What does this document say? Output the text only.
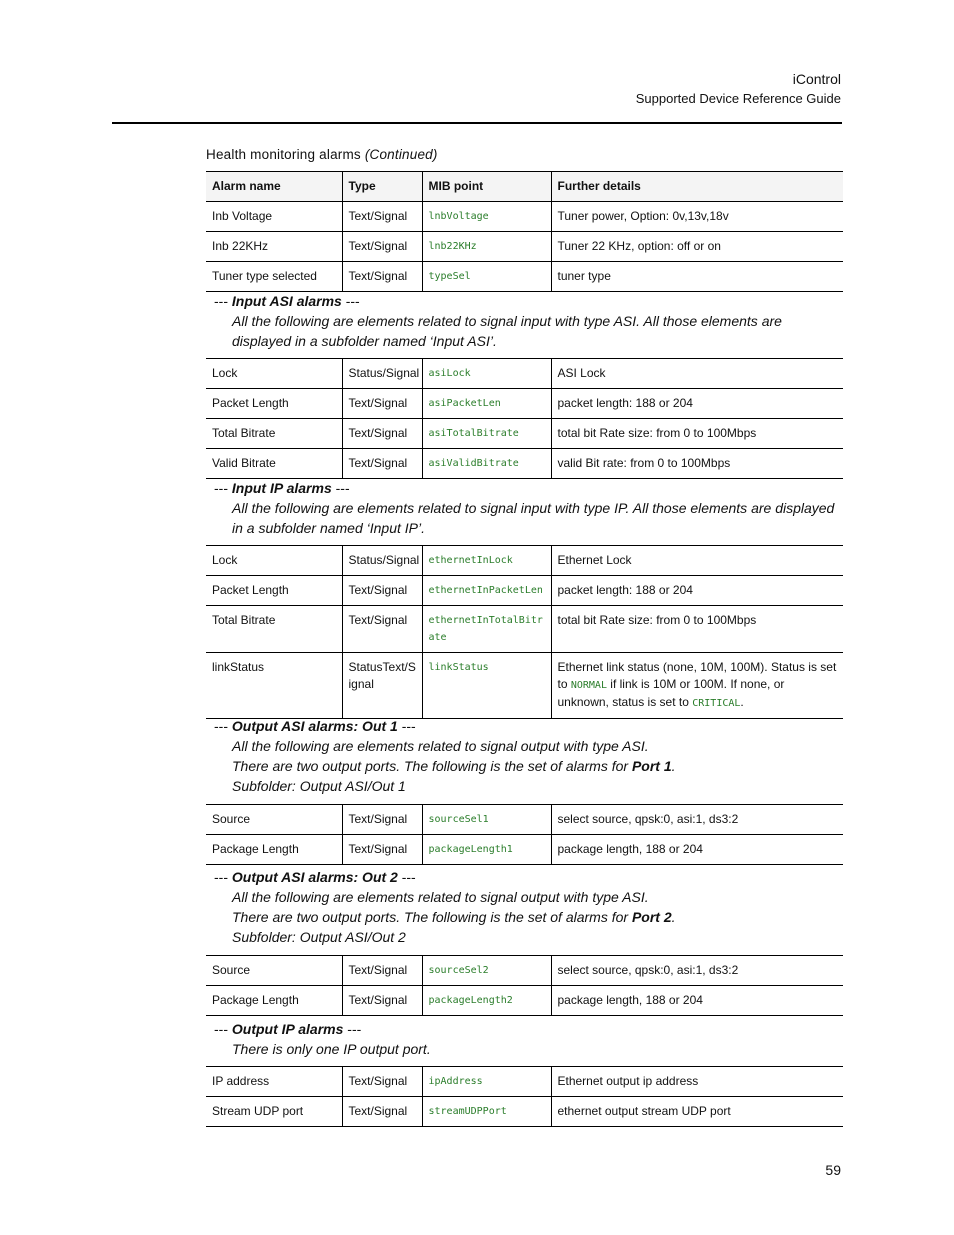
iControl
Supported Device Reference Guide
Health monitoring alarms (Continued)
Alarm name	Type	MIB point	Further details
Inb Voltage	Text/Signal	lnbVoltage	Tuner power, Option: 0v,13v,18v
Inb 22KHz	Text/Signal	lnb22KHz	Tuner 22 KHz, option: off or on
Tuner type selected	Text/Signal	typeSel	tuner type
--- Input ASI alarms ---
All the following are elements related to signal input with type ASI. All those elements are displayed in a subfolder named ‘Input ASI’.
Lock	Status/Signal	asiLock	ASI Lock
Packet Length	Text/Signal	asiPacketLen	packet length: 188 or 204
Total Bitrate	Text/Signal	asiTotalBitrate	total bit Rate size: from 0 to 100Mbps
Valid Bitrate	Text/Signal	asiValidBitrate	valid Bit rate: from 0 to 100Mbps
--- Input IP alarms ---
All the following are elements related to signal input with type IP. All those elements are displayed in a subfolder named ‘Input IP’.
Lock	Status/Signal	ethernetInLock	Ethernet Lock
Packet Length	Text/Signal	ethernetInPacketLen	packet length: 188 or 204
Total Bitrate	Text/Signal	ethernetInTotalBitrate	total bit Rate size: from 0 to 100Mbps
linkStatus	StatusText/Signal	linkStatus	Ethernet link status (none, 10M, 100M). Status is set to NORMAL if link is 10M or 100M. If none, or unknown, status is set to CRITICAL.
--- Output ASI alarms: Out 1 ---
All the following are elements related to signal output with type ASI.
There are two output ports. The following is the set of alarms for Port 1.
Subfolder: Output ASI/Out 1
Source	Text/Signal	sourceSel1	select source, qpsk:0, asi:1, ds3:2
Package Length	Text/Signal	packageLength1	package length, 188 or 204
--- Output ASI alarms: Out 2 ---
All the following are elements related to signal output with type ASI.
There are two output ports. The following is the set of alarms for Port 2.
Subfolder: Output ASI/Out 2
Source	Text/Signal	sourceSel2	select source, qpsk:0, asi:1, ds3:2
Package Length	Text/Signal	packageLength2	package length, 188 or 204
--- Output IP alarms ---
There is only one IP output port.
IP address	Text/Signal	ipAddress	Ethernet output ip address
Stream UDP port	Text/Signal	streamUDPPort	ethernet output stream UDP port
59
